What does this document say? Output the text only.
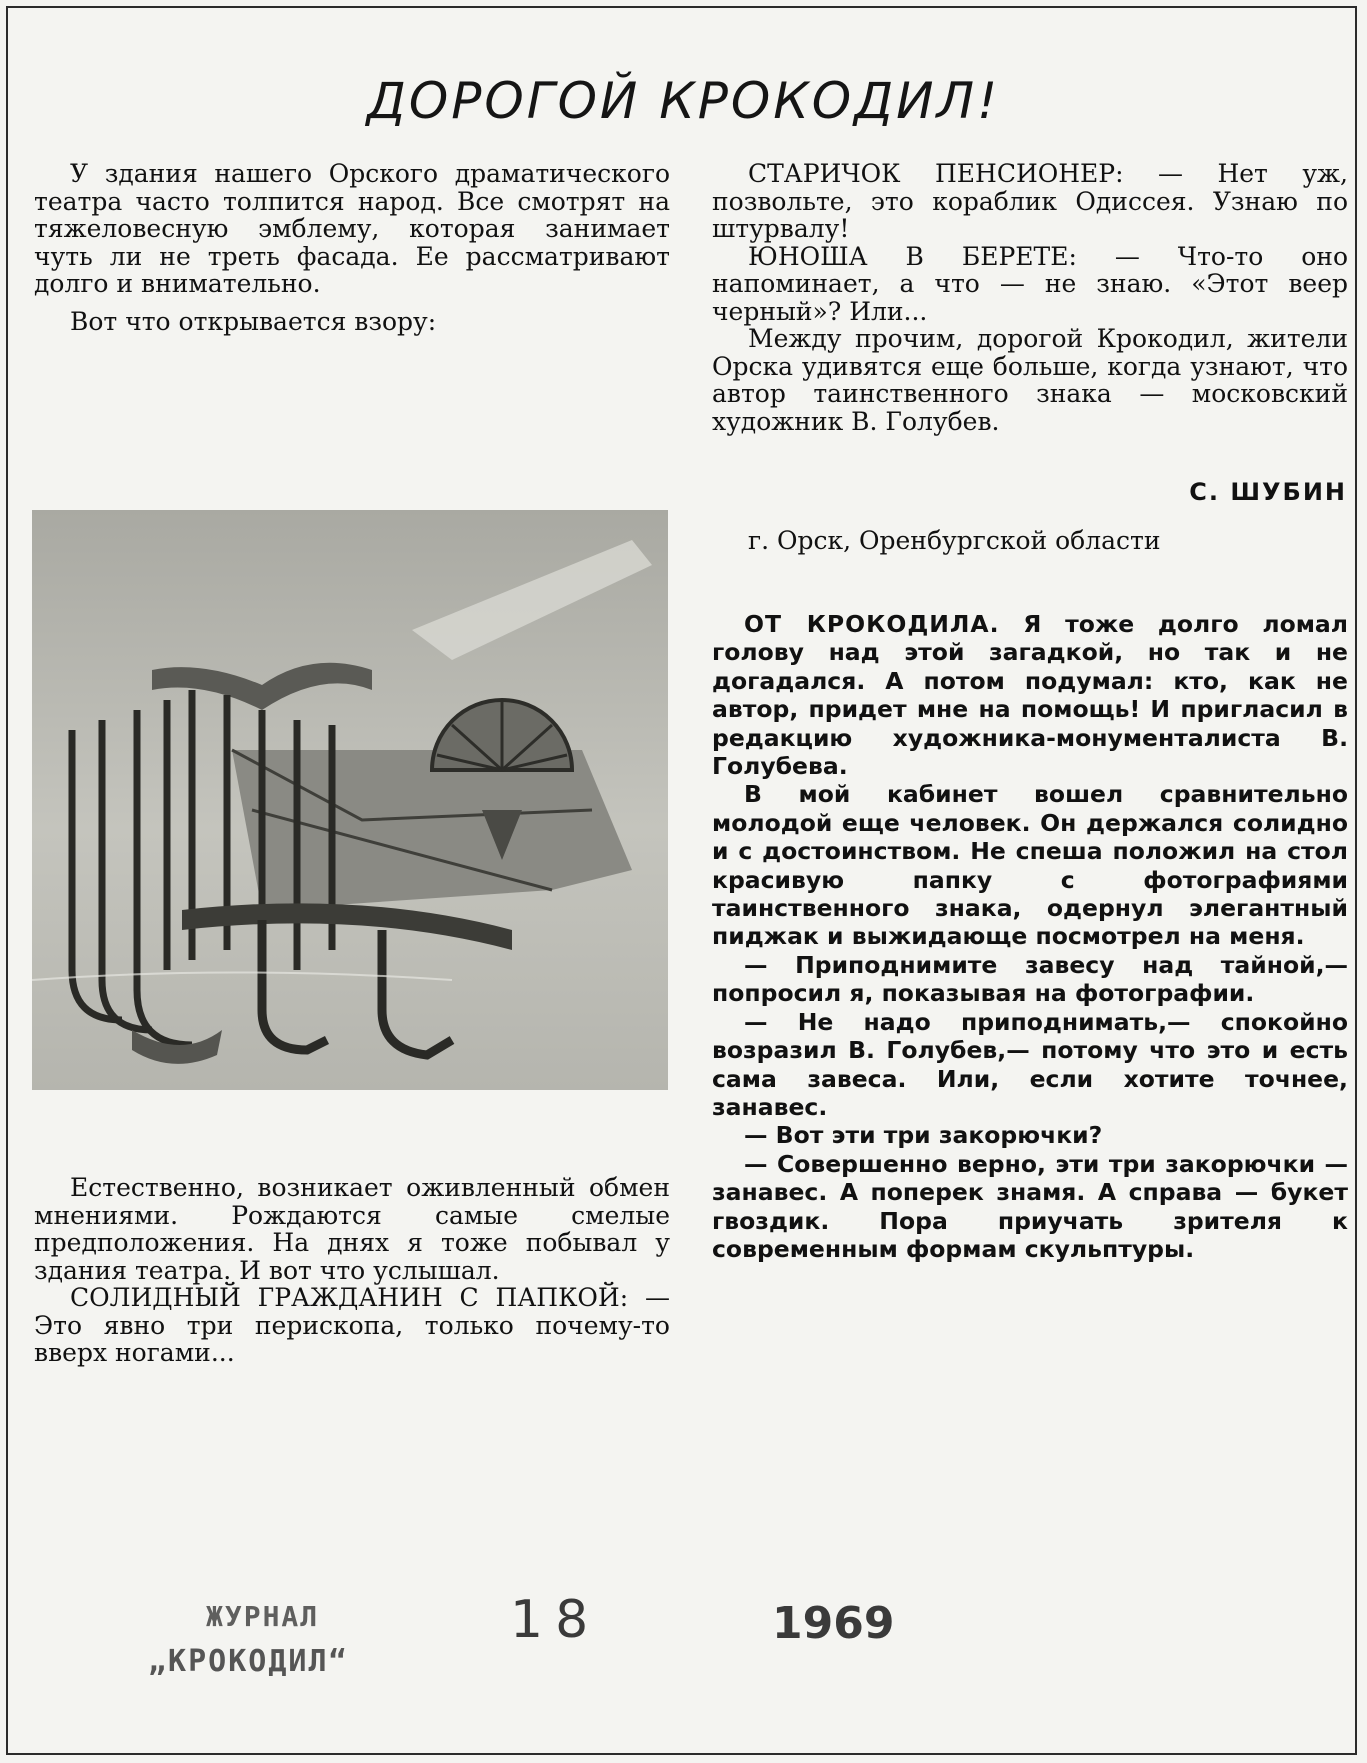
ДОРОГОЙ КРОКОДИЛ!

У здания нашего Орского драматического театра часто толпится народ. Все смотрят на тяжеловесную эмблему, которая занимает чуть ли не треть фасада. Ее рассматривают долго и внимательно.

Вот что открывается взору:

Естественно, возникает оживленный обмен мнениями. Рождаются самые смелые предположения. На днях я тоже побывал у здания театра. И вот что услышал.

СОЛИДНЫЙ ГРАЖДАНИН С ПАПКОЙ: — Это явно три перископа, только почему-то вверх ногами...

СТАРИЧОК ПЕНСИОНЕР: — Нет уж, позвольте, это кораблик Одиссея. Узнаю по штурвалу!

ЮНОША В БЕРЕТЕ: — Что-то оно напоминает, а что — не знаю. «Этот веер черный»? Или...

Между прочим, дорогой Крокодил, жители Орска удивятся еще больше, когда узнают, что автор таинственного знака — московский художник В. Голубев.

С. ШУБИН
г. Орск, Оренбургской области

ОТ КРОКОДИЛА. Я тоже долго ломал голову над этой загадкой, но так и не догадался. А потом подумал: кто, как не автор, придет мне на помощь! И пригласил в редакцию художника-монументалиста В. Голубева.

В мой кабинет вошел сравнительно молодой еще человек. Он держался солидно и с достоинством. Не спеша положил на стол красивую папку с фотографиями таинственного знака, одернул элегантный пиджак и выжидающе посмотрел на меня.

— Приподнимите завесу над тайной,— попросил я, показывая на фотографии.

— Не надо приподнимать,— спокойно возразил В. Голубев,— потому что это и есть сама завеса. Или, если хотите точнее, занавес.

— Вот эти три закорючки?

— Совершенно верно, эти три закорючки — занавес. А поперек знамя. А справа — букет гвоздик. Пора приучать зрителя к современным формам скульптуры.

ЖУРНАЛ
„КРОКОДИЛ“
18	1969
